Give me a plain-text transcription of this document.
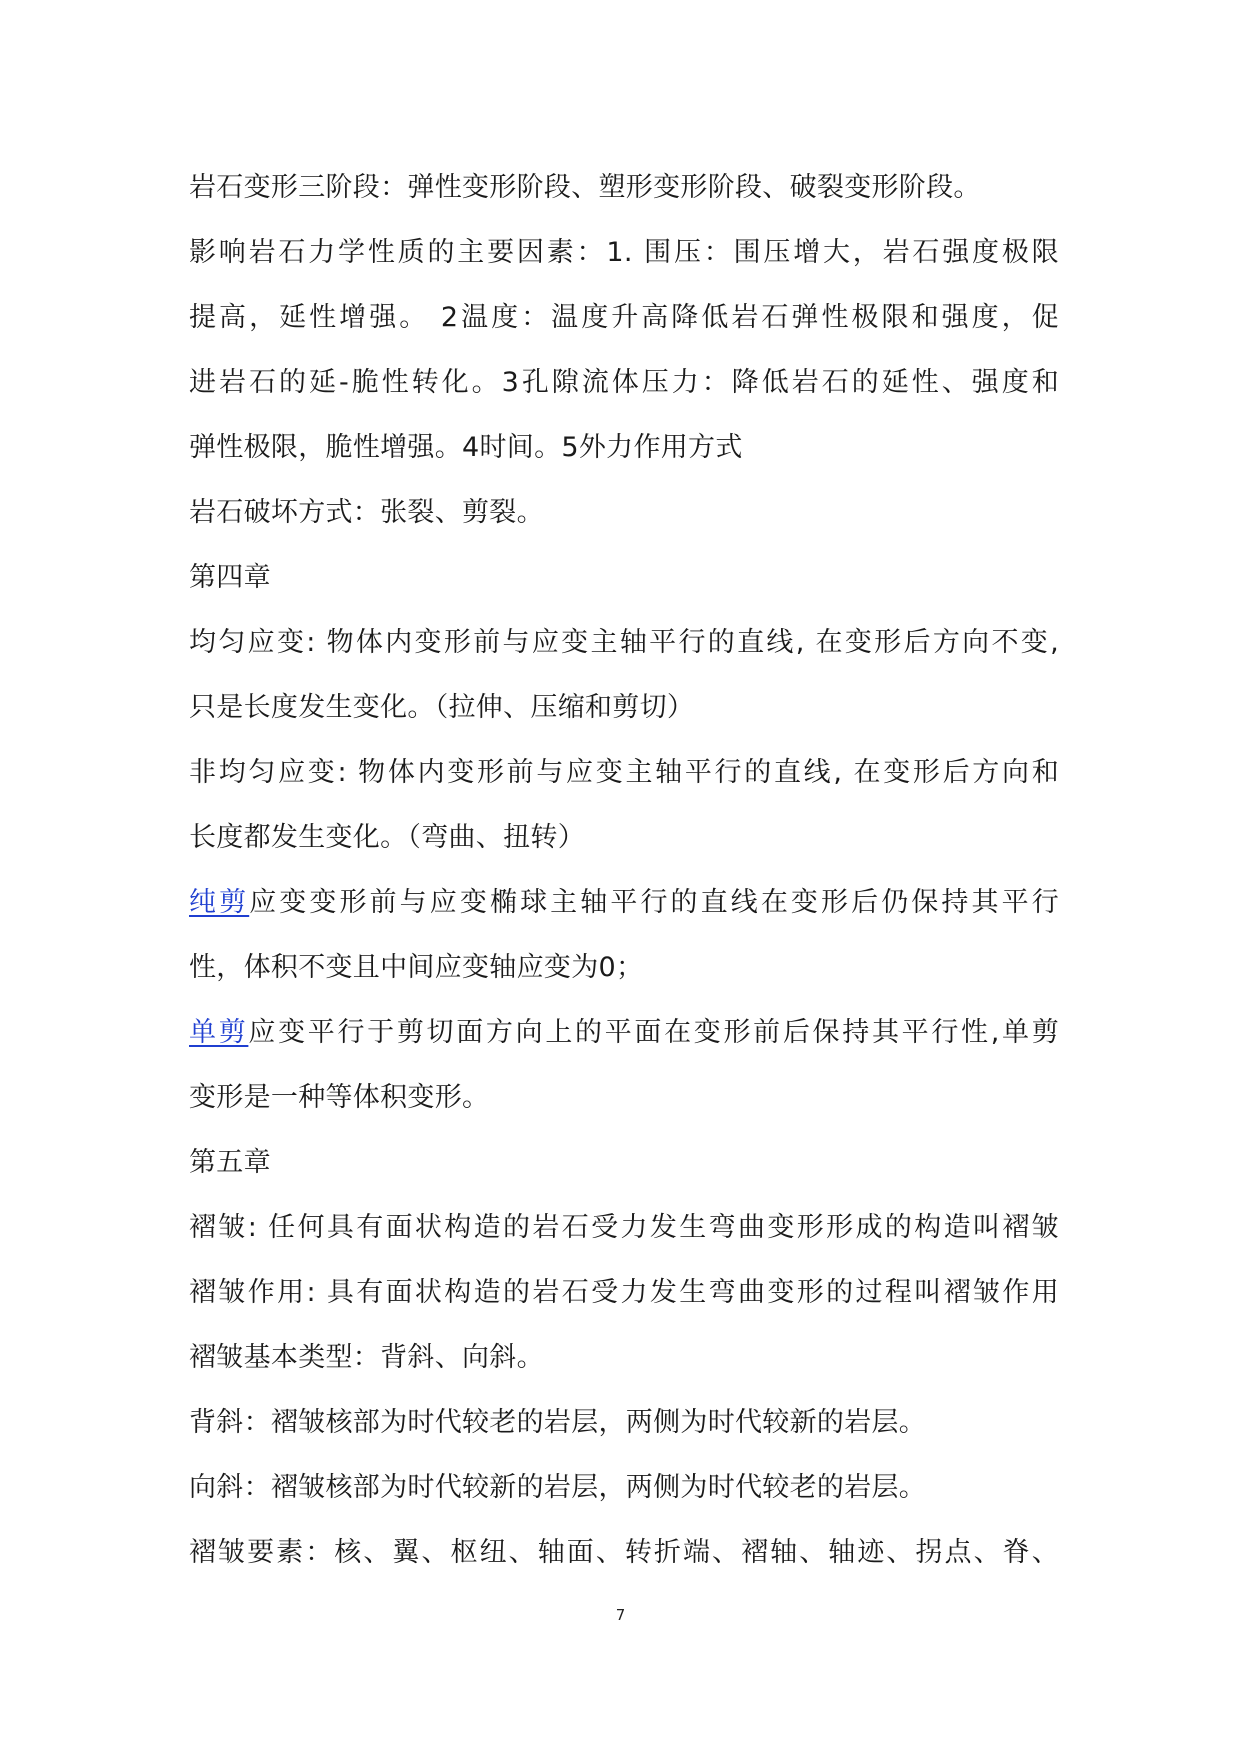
岩石变形三阶段：弹性变形阶段、塑形变形阶段、破裂变形阶段。
影响岩石力学性质的主要因素：1. 围压：围压增大，岩石强度极限
提高，延性增强。 2温度：温度升高降低岩石弹性极限和强度，促
进岩石的延-脆性转化。3孔隙流体压力：降低岩石的延性、强度和
弹性极限，脆性增强。4时间。5外力作用方式
岩石破坏方式：张裂、剪裂。
第四章
均匀应变: 物体内变形前与应变主轴平行的直线, 在变形后方向不变,
只是长度发生变化。（拉伸、压缩和剪切）
非均匀应变: 物体内变形前与应变主轴平行的直线, 在变形后方向和
长度都发生变化。（弯曲、扭转）
纯剪应变变形前与应变椭球主轴平行的直线在变形后仍保持其平行
性，体积不变且中间应变轴应变为0；
单剪应变平行于剪切面方向上的平面在变形前后保持其平行性,单剪
变形是一种等体积变形。
第五章
褶皱: 任何具有面状构造的岩石受力发生弯曲变形形成的构造叫褶皱
褶皱作用: 具有面状构造的岩石受力发生弯曲变形的过程叫褶皱作用
褶皱基本类型：背斜、向斜。
背斜：褶皱核部为时代较老的岩层，两侧为时代较新的岩层。
向斜：褶皱核部为时代较新的岩层，两侧为时代较老的岩层。
褶皱要素：核、翼、枢纽、轴面、转折端、褶轴、轴迹、拐点、脊、
7
